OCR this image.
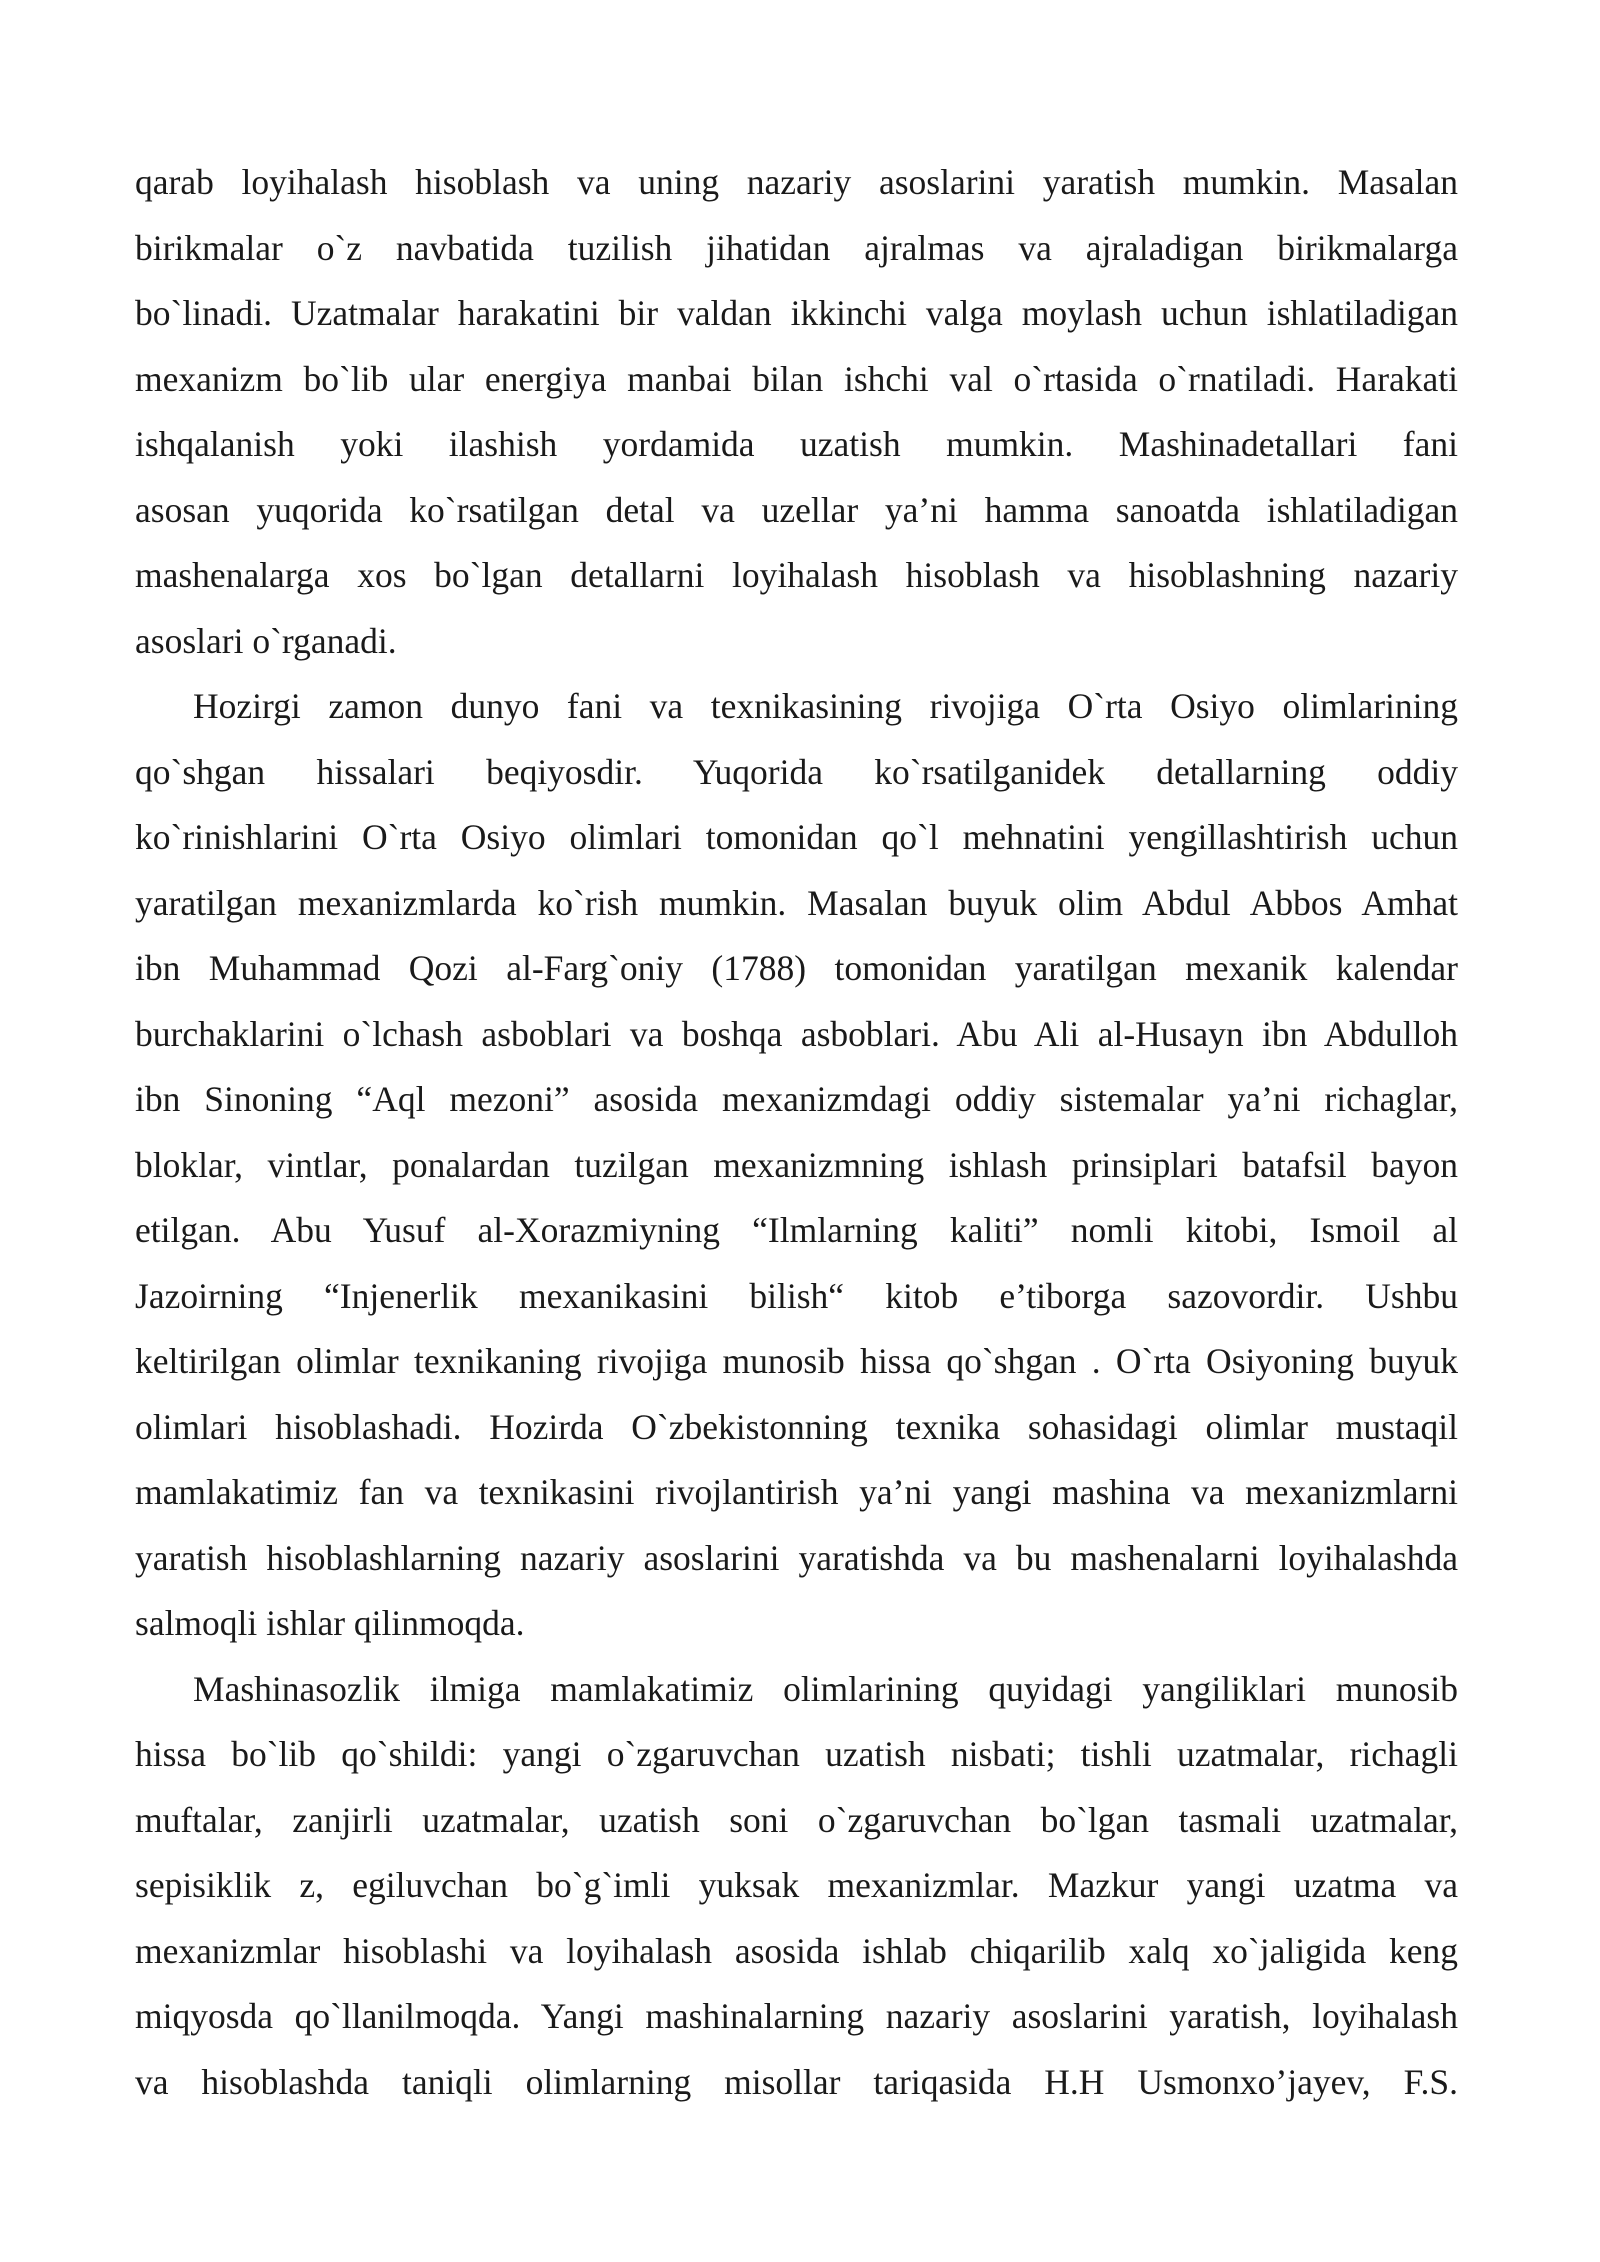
qarab loyihalash hisoblash va uning nazariy asoslarini yaratish mumkin. Masalan
birikmalar o`z navbatida tuzilish jihatidan ajralmas va ajraladigan birikmalarga
bo`linadi. Uzatmalar harakatini bir valdan ikkinchi valga moylash uchun ishlatiladigan
mexanizm bo`lib ular energiya manbai bilan ishchi val o`rtasida o`rnatiladi. Harakati
ishqalanish yoki ilashish yordamida uzatish mumkin. Mashinadetallari fani
asosan yuqorida ko`rsatilgan detal va uzellar ya’ni hamma sanoatda ishlatiladigan
mashenalarga xos bo`lgan detallarni loyihalash hisoblash va hisoblashning nazariy
asoslari o`rganadi.
Hozirgi zamon dunyo fani va texnikasining rivojiga O`rta Osiyo olimlarining
qo`shgan hissalari beqiyosdir. Yuqorida ko`rsatilganidek detallarning oddiy
ko`rinishlarini O`rta Osiyo olimlari tomonidan qo`l mehnatini yengillashtirish uchun
yaratilgan mexanizmlarda ko`rish mumkin. Masalan buyuk olim Abdul Abbos Amhat
ibn Muhammad Qozi al-Farg`oniy (1788) tomonidan yaratilgan mexanik kalendar
burchaklarini o`lchash asboblari va boshqa asboblari. Abu Ali al-Husayn ibn Abdulloh
ibn Sinoning “Aql mezoni” asosida mexanizmdagi oddiy sistemalar ya’ni richaglar,
bloklar, vintlar, ponalardan tuzilgan mexanizmning ishlash prinsiplari batafsil bayon
etilgan. Abu Yusuf al-Xorazmiyning “Ilmlarning kaliti” nomli kitobi, Ismoil al
Jazoirning “Injenerlik mexanikasini bilish“ kitob e’tiborga sazovordir. Ushbu
keltirilgan olimlar texnikaning rivojiga munosib hissa qo`shgan . O`rta Osiyoning buyuk
olimlari hisoblashadi. Hozirda O`zbekistonning texnika sohasidagi olimlar mustaqil
mamlakatimiz fan va texnikasini rivojlantirish ya’ni yangi mashina va mexanizmlarni
yaratish hisoblashlarning nazariy asoslarini yaratishda va bu mashenalarni loyihalashda
salmoqli ishlar qilinmoqda.
Mashinasozlik ilmiga mamlakatimiz olimlarining quyidagi yangiliklari munosib
hissa bo`lib qo`shildi: yangi o`zgaruvchan uzatish nisbati; tishli uzatmalar, richagli
muftalar, zanjirli uzatmalar, uzatish soni o`zgaruvchan bo`lgan tasmali uzatmalar,
sepisiklik z, egiluvchan bo`g`imli yuksak mexanizmlar. Mazkur yangi uzatma va
mexanizmlar hisoblashi va loyihalash asosida ishlab chiqarilib xalq xo`jaligida keng
miqyosda qo`llanilmoqda. Yangi mashinalarning nazariy asoslarini yaratish, loyihalash
va hisoblashda taniqli olimlarning misollar tariqasida H.H Usmonxo’jayev, F.S.
